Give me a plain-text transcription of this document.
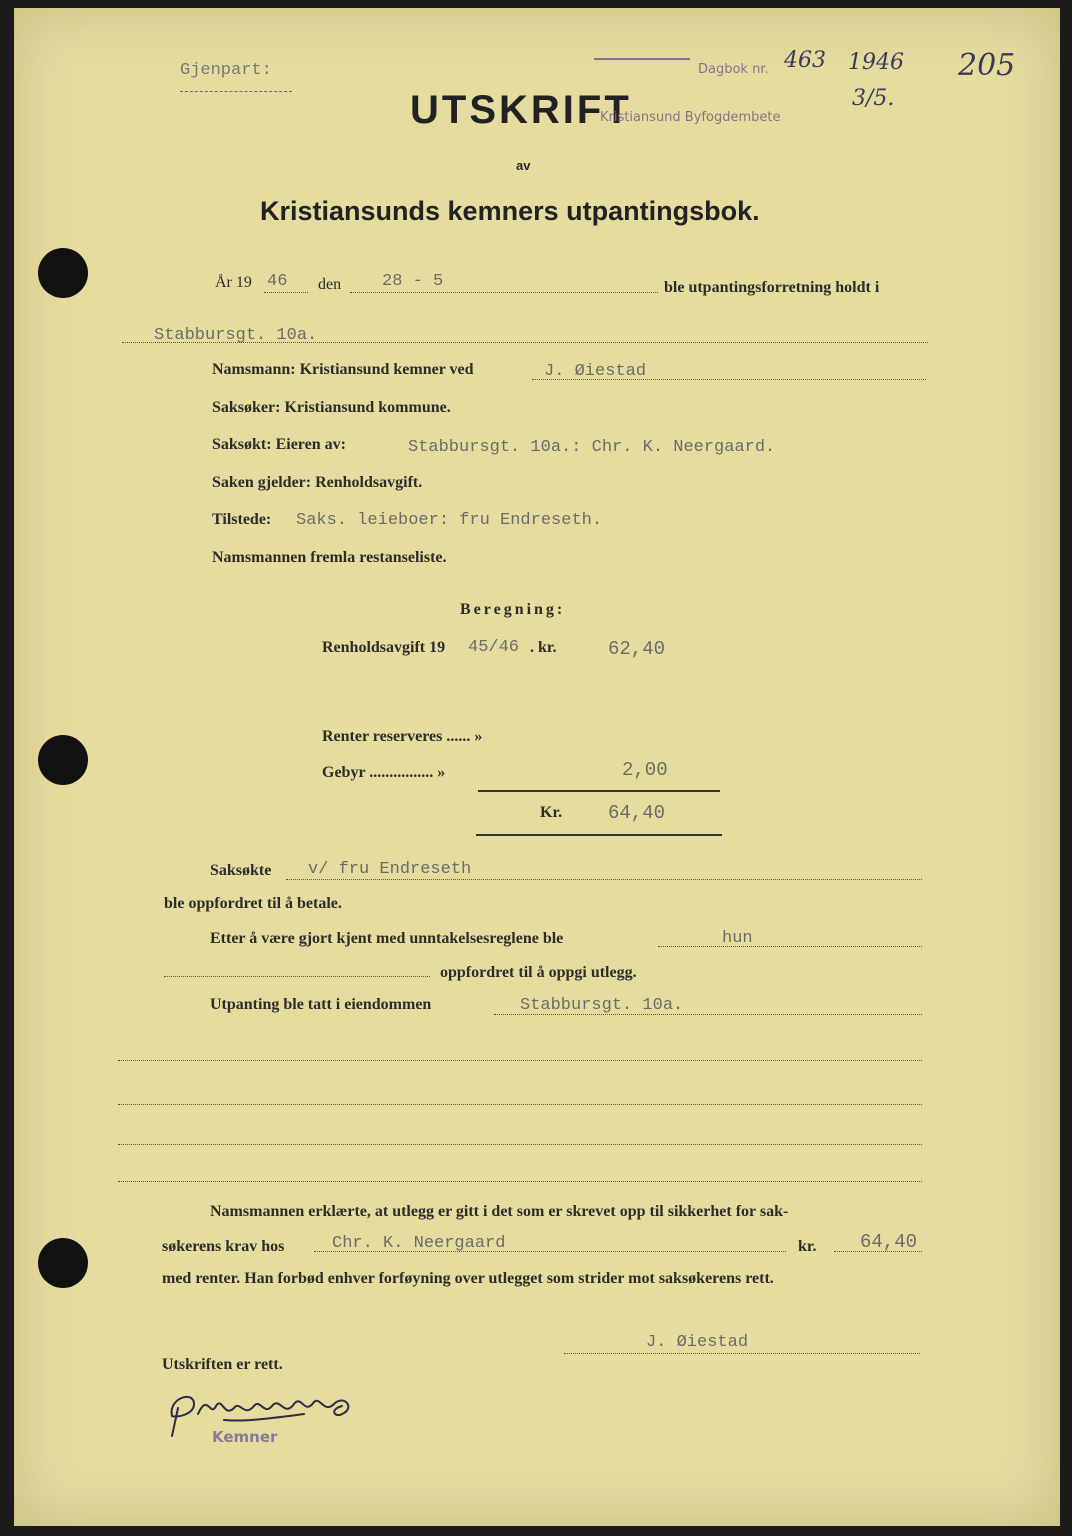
Gjenpart:
UTSKRIFT
Dagbok nr.
Kristiansund Byfogdembete
463 1946
3/5.
205
av
Kristiansunds kemners utpantingsbok.
År 19 46 den 28 - 5	ble utpantingsforretning holdt i
Stabbursgt. 10a.
Namsmann: Kristiansund kemner ved	J. Øiestad
Saksøker: Kristiansund kommune.
Saksøkt: Eieren av:	Stabbursgt. 10a.: Chr. K. Neergaard.
Saken gjelder: Renholdsavgift.
Tilstede: Saks. leieboer: fru Endreseth.
Namsmannen fremla restanseliste.
Beregning:
Renholdsavgift 19 45/46 . kr.	62,40
Renter reserveres ...... »
Gebyr ................ »	2,00
Kr. 64,40
Saksøkte v/ fru Endreseth
ble oppfordret til å betale.
Etter å være gjort kjent med unntakelsesreglene ble	hun
oppfordret til å oppgi utlegg.
Utpanting ble tatt i eiendommen	Stabbursgt. 10a.
Namsmannen erklærte, at utlegg er gitt i det som er skrevet opp til sikkerhet for sak-
søkerens krav hos	Chr. K. Neergaard	kr. 64,40
med renter. Han forbød enhver forføyning over utlegget som strider mot saksøkerens rett.
J. Øiestad
Utskriften er rett.
Kemner
